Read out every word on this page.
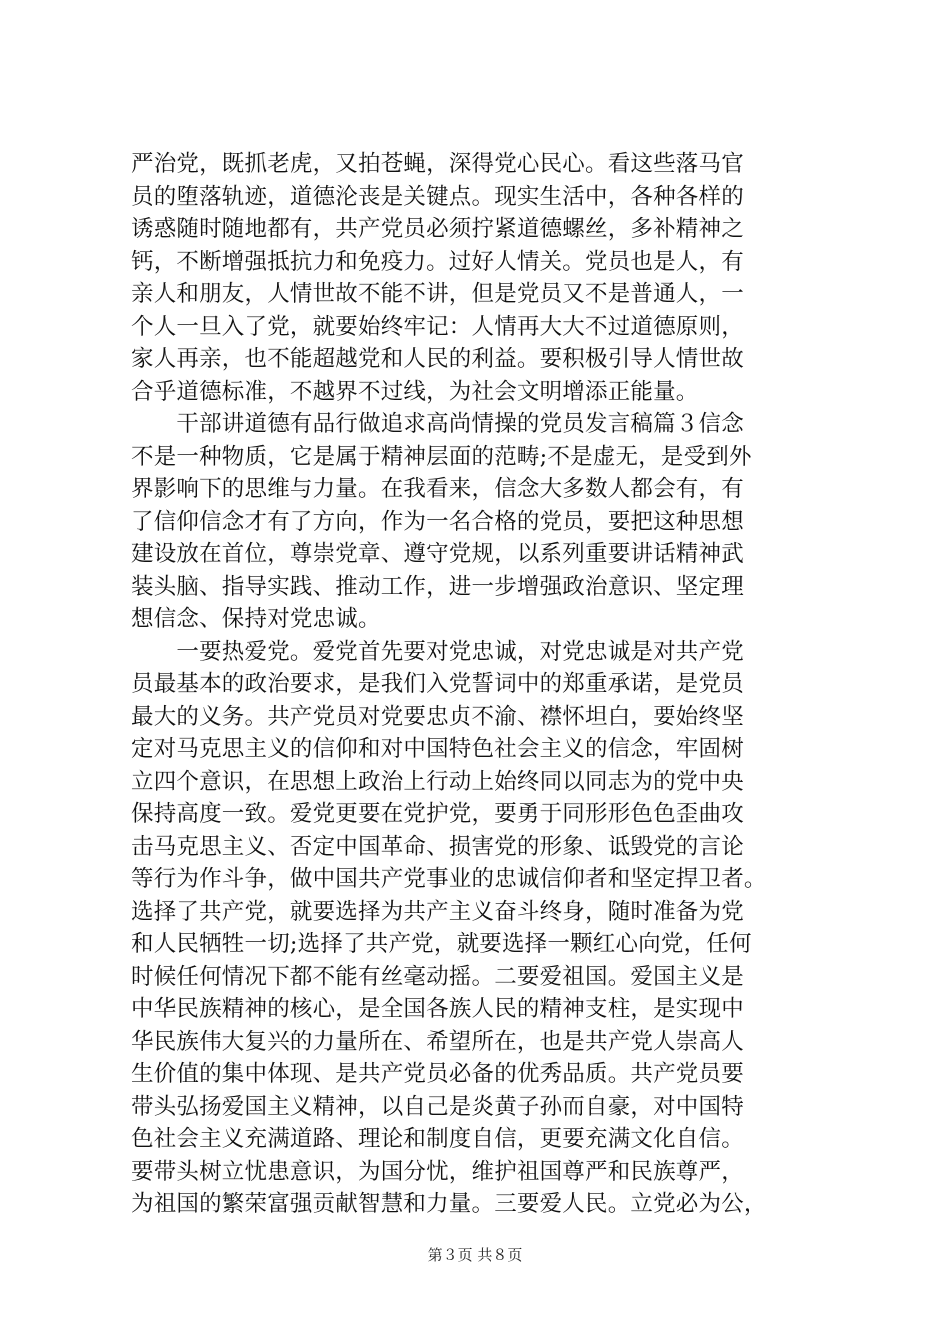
严治党，既抓老虎，又拍苍蝇，深得党心民心。看这些落马官
员的堕落轨迹，道德沦丧是关键点。现实生活中，各种各样的
诱惑随时随地都有，共产党员必须拧紧道德螺丝，多补精神之
钙，不断增强抵抗力和免疫力。过好人情关。党员也是人，有
亲人和朋友，人情世故不能不讲，但是党员又不是普通人，一
个人一旦入了党，就要始终牢记：人情再大大不过道德原则，
家人再亲，也不能超越党和人民的利益。要积极引导人情世故
合乎道德标准，不越界不过线，为社会文明增添正能量。
　　干部讲道德有品行做追求高尚情操的党员发言稿篇３信念
不是一种物质，它是属于精神层面的范畴;不是虚无，是受到外
界影响下的思维与力量。在我看来，信念大多数人都会有，有
了信仰信念才有了方向，作为一名合格的党员，要把这种思想
建设放在首位，尊崇党章、遵守党规，以系列重要讲话精神武
装头脑、指导实践、推动工作，进一步增强政治意识、坚定理
想信念、保持对党忠诚。
　　一要热爱党。爱党首先要对党忠诚，对党忠诚是对共产党
员最基本的政治要求，是我们入党誓词中的郑重承诺，是党员
最大的义务。共产党员对党要忠贞不渝、襟怀坦白，要始终坚
定对马克思主义的信仰和对中国特色社会主义的信念，牢固树
立四个意识，在思想上政治上行动上始终同以同志为的党中央
保持高度一致。爱党更要在党护党，要勇于同形形色色歪曲攻
击马克思主义、否定中国革命、损害党的形象、诋毁党的言论
等行为作斗争，做中国共产党事业的忠诚信仰者和坚定捍卫者。
选择了共产党，就要选择为共产主义奋斗终身，随时准备为党
和人民牺牲一切;选择了共产党，就要选择一颗红心向党，任何
时候任何情况下都不能有丝毫动摇。二要爱祖国。爱国主义是
中华民族精神的核心，是全国各族人民的精神支柱，是实现中
华民族伟大复兴的力量所在、希望所在，也是共产党人崇高人
生价值的集中体现、是共产党员必备的优秀品质。共产党员要
带头弘扬爱国主义精神，以自己是炎黄子孙而自豪，对中国特
色社会主义充满道路、理论和制度自信，更要充满文化自信。
要带头树立忧患意识，为国分忧，维护祖国尊严和民族尊严，
为祖国的繁荣富强贡献智慧和力量。三要爱人民。立党必为公，
第３页 共８页
